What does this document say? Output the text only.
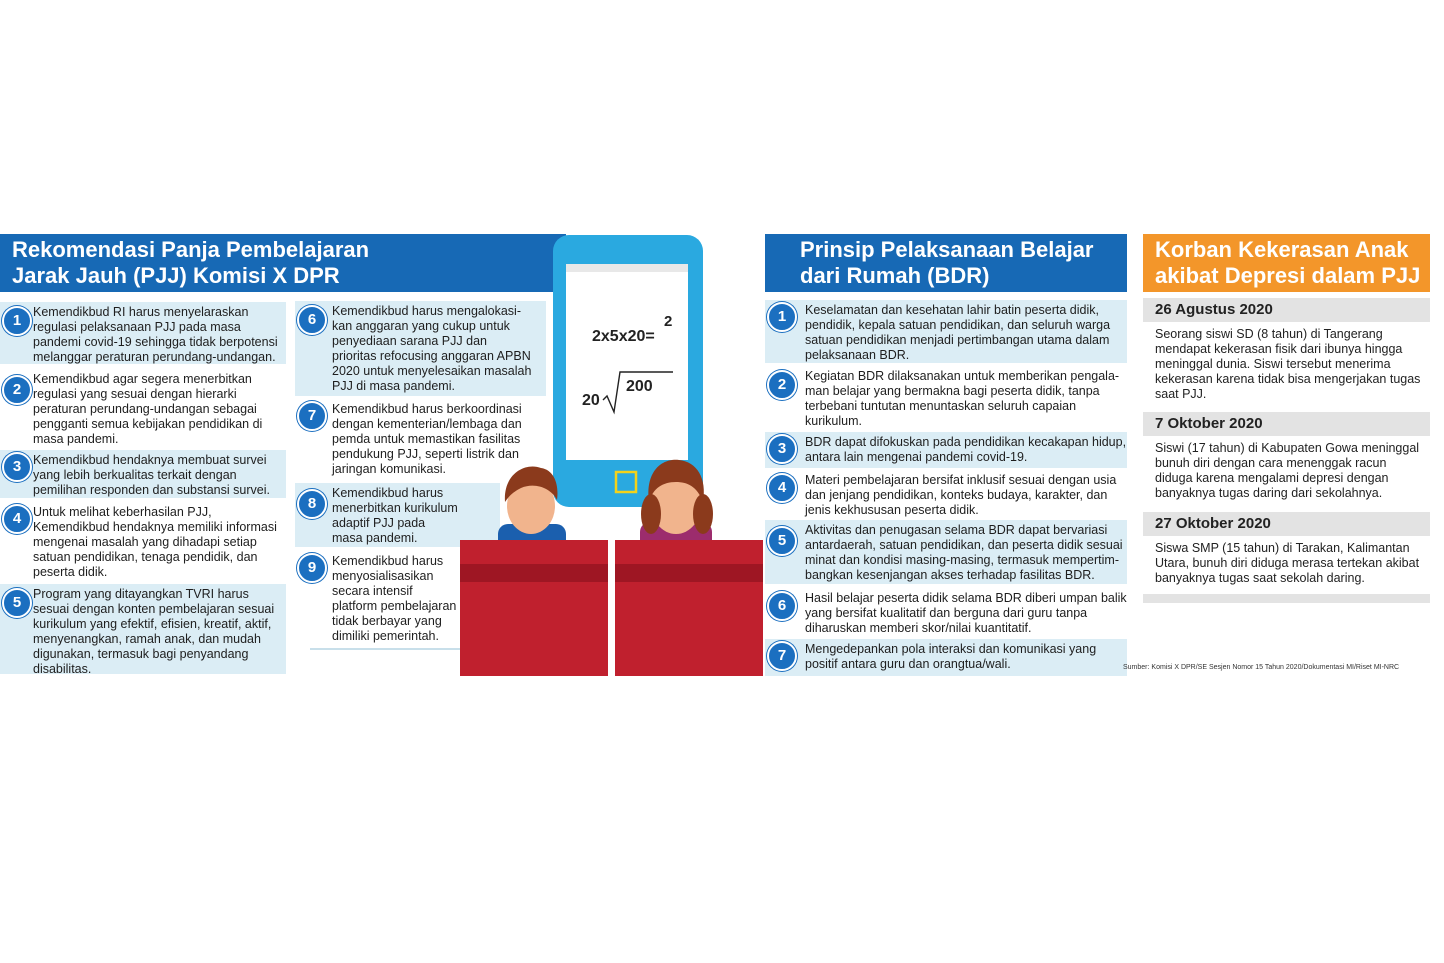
Rekomendasi Panja Pembelajaran
Jarak Jauh (PJJ) Komisi X DPR
1 Kemendikbud RI harus menyelaraskan
regulasi pelaksanaan PJJ pada masa
pandemi covid-19 sehingga tidak berpotensi
melanggar peraturan perundang-undangan.
2
Kemendikbud agar segera menerbitkan
regulasi yang sesuai dengan hierarki
peraturan perundang-undangan sebagai
pengganti semua kebijakan pendidikan di
masa pandemi.
3 Kemendikbud hendaknya membuat survei
yang lebih berkualitas terkait dengan
pemilihan responden dan substansi survei.
4 Untuk melihat keberhasilan PJJ,
Kemendikbud hendaknya memiliki informasi
mengenai masalah yang dihadapi setiap
satuan pendidikan, tenaga pendidik, dan
peserta didik.
5 Program yang ditayangkan TVRI harus
sesuai dengan konten pembelajaran sesuai
kurikulum yang efektif, efisien, kreatif, aktif,
menyenangkan, ramah anak, dan mudah
digunakan, termasuk bagi penyandang
disabilitas.
6	Kemendikbud harus mengalokasi-
kan anggaran yang cukup untuk
penyediaan sarana PJJ dan
prioritas refocusing anggaran APBN
2020 untuk menyelesaikan masalah
PJJ di masa pandemi.
7	Kemendikbud harus berkoordinasi
dengan kementerian/lembaga dan
pemda untuk memastikan fasilitas
pendukung PJJ, seperti listrik dan
jaringan komunikasi.
8
Kemendikbud harus
menerbitkan kurikulum
adaptif PJJ pada
masa pandemi.
9	Kemendikbud harus
menyosialisasikan
secara intensif
platform pembelajaran
tidak berbayar yang
dimiliki pemerintah.
2x5x20=
2
20
200
Prinsip Pelaksanaan Belajar
dari Rumah (BDR)
1	Keselamatan dan kesehatan lahir batin peserta didik,
pendidik, kepala satuan pendidikan, dan seluruh warga
satuan pendidikan menjadi pertimbangan utama dalam
pelaksanaan BDR.
2	Kegiatan BDR dilaksanakan untuk memberikan pengala-
man belajar yang bermakna bagi peserta didik, tanpa
terbebani tuntutan menuntaskan seluruh capaian
kurikulum.
3	BDR dapat difokuskan pada pendidikan kecakapan hidup,
antara lain mengenai pandemi covid-19.
4	Materi pembelajaran bersifat inklusif sesuai dengan usia
dan jenjang pendidikan, konteks budaya, karakter, dan
jenis kekhususan peserta didik.
5
Aktivitas dan penugasan selama BDR dapat bervariasi
antardaerah, satuan pendidikan, dan peserta didik sesuai
minat dan kondisi masing-masing, termasuk mempertim-
bangkan kesenjangan akses terhadap fasilitas BDR.
6	Hasil belajar peserta didik selama BDR diberi umpan balik
yang bersifat kualitatif dan berguna dari guru tanpa
diharuskan memberi skor/nilai kuantitatif.
7	Mengedepankan pola interaksi dan komunikasi yang
positif antara guru dan orangtua/wali.
Korban Kekerasan Anak
akibat Depresi dalam PJJ
26 Agustus 2020
Seorang siswi SD (8 tahun) di Tangerang
mendapat kekerasan fisik dari ibunya hingga
meninggal dunia. Siswi tersebut menerima
kekerasan karena tidak bisa mengerjakan tugas
saat PJJ.
7 Oktober 2020
Siswi (17 tahun) di Kabupaten Gowa meninggal
bunuh diri dengan cara menenggak racun
diduga karena mengalami depresi dengan
banyaknya tugas daring dari sekolahnya.
27 Oktober 2020
Siswa SMP (15 tahun) di Tarakan, Kalimantan
Utara, bunuh diri diduga merasa tertekan akibat
banyaknya tugas saat sekolah daring.
Sumber: Komisi X DPR/SE Sesjen Nomor 15 Tahun 2020/Dokumentasi MI/Riset MI-NRC
